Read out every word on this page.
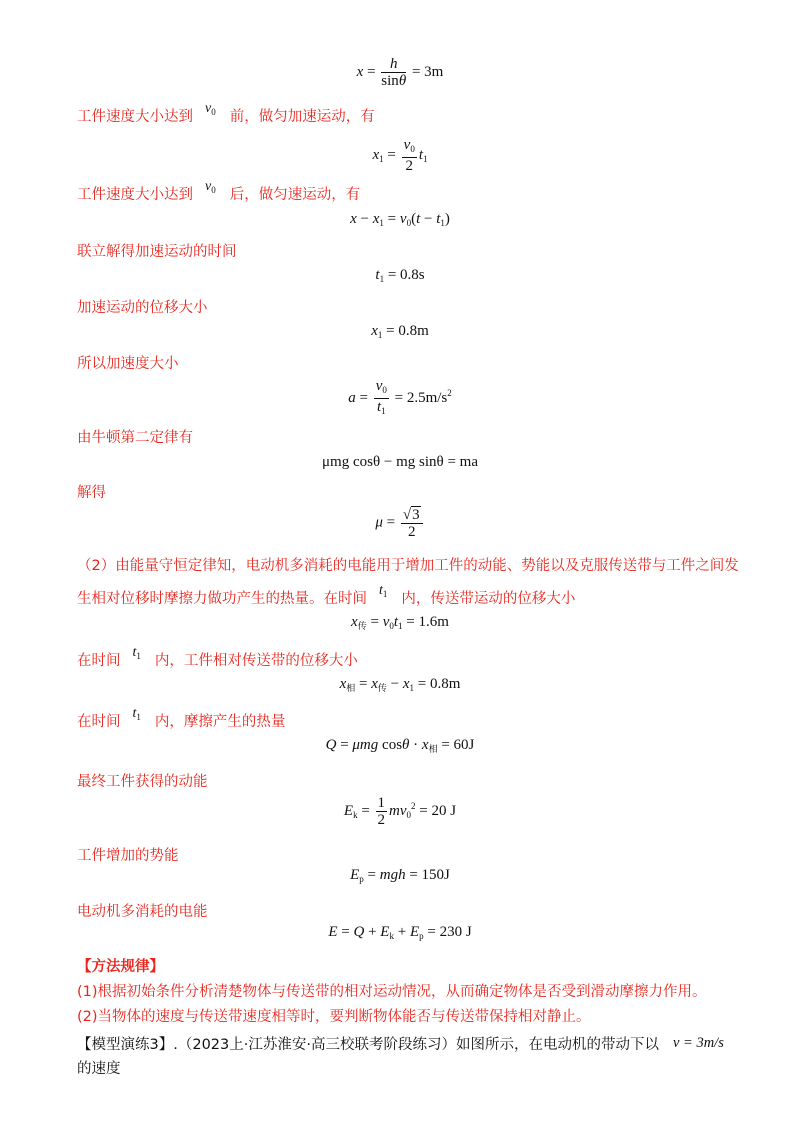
$x = \frac{h}{\sin\theta} = 3m$
工件速度大小达到$v_0$ 前，做匀加速运动，有
$x_1 = \frac{v_0}{2} t_1$
工件速度大小达到$v_0$ 后，做匀速运动，有
$x - x_1 = v_0(t - t_1)$
联立解得加速运动的时间
$t_1 = 0.8s$
加速运动的位移大小
$x_1 = 0.8m$
所以加速度大小
$a = \frac{v_0}{t_1} = 2.5m/s^2$
由牛顿第二定律有
μmg cosθ − mg sinθ = ma
解得
$\mu = \frac{√3}{2}$
（2）由能量守恒定律知，电动机多消耗的电能用于增加工件的动能、势能以及克服传送带与工件之间发
生相对位移时摩擦力做功产生的热量。在时间$t_1$ 内，传送带运动的位移大小
$x_传 = v_0t_1 = 1.6m$
在时间$t_1$ 内，工件相对传送带的位移大小
$x_相 = x_传 - x_1 = 0.8m$
在时间$t_1$ 内，摩擦产生的热量
Q = μmg $\cos\theta \cdot x_相 = 60J$
最终工件获得的动能
$E_k = \frac{1}{2} mv_0^2 = 20$ J
工件增加的势能
$E_p$ = mgh = 150J
电动机多消耗的电能
$E = Q + E_k + E_p = 230$ J
【方法规律】
(1)根据初始条件分析清楚物体与传送带的相对运动情况，从而确定物体是否受到滑动摩擦力作用。
(2)当物体的速度与传送带速度相等时，要判断物体能否与传送带保持相对静止。
【模型演练3】.（2023上·江苏淮安·高三校联考阶段练习）如图所示，在电动机的带动下以 v = 3m/s
的速度
